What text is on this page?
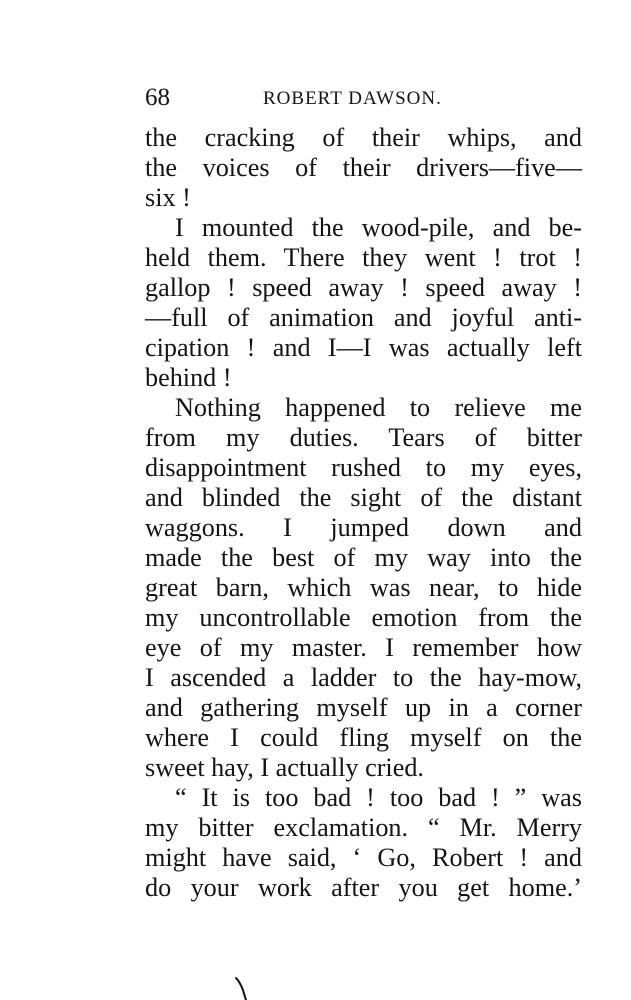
68	ROBERT DAWSON.
the cracking of their whips, and
the voices of their drivers—five—
six !
I mounted the wood-pile, and be-
held them. There they went ! trot !
gallop ! speed away ! speed away !
—full of animation and joyful anti-
cipation ! and I—I was actually left
behind !
Nothing happened to relieve me
from my duties. Tears of bitter
disappointment rushed to my eyes,
and blinded the sight of the distant
waggons. I jumped down and
made the best of my way into the
great barn, which was near, to hide
my uncontrollable emotion from the
eye of my master. I remember how
I ascended a ladder to the hay-mow,
and gathering myself up in a corner
where I could fling myself on the
sweet hay, I actually cried.
“ It is too bad ! too bad ! ” was
my bitter exclamation. “ Mr. Merry
might have said, ‘ Go, Robert ! and
do your work after you get home.’
